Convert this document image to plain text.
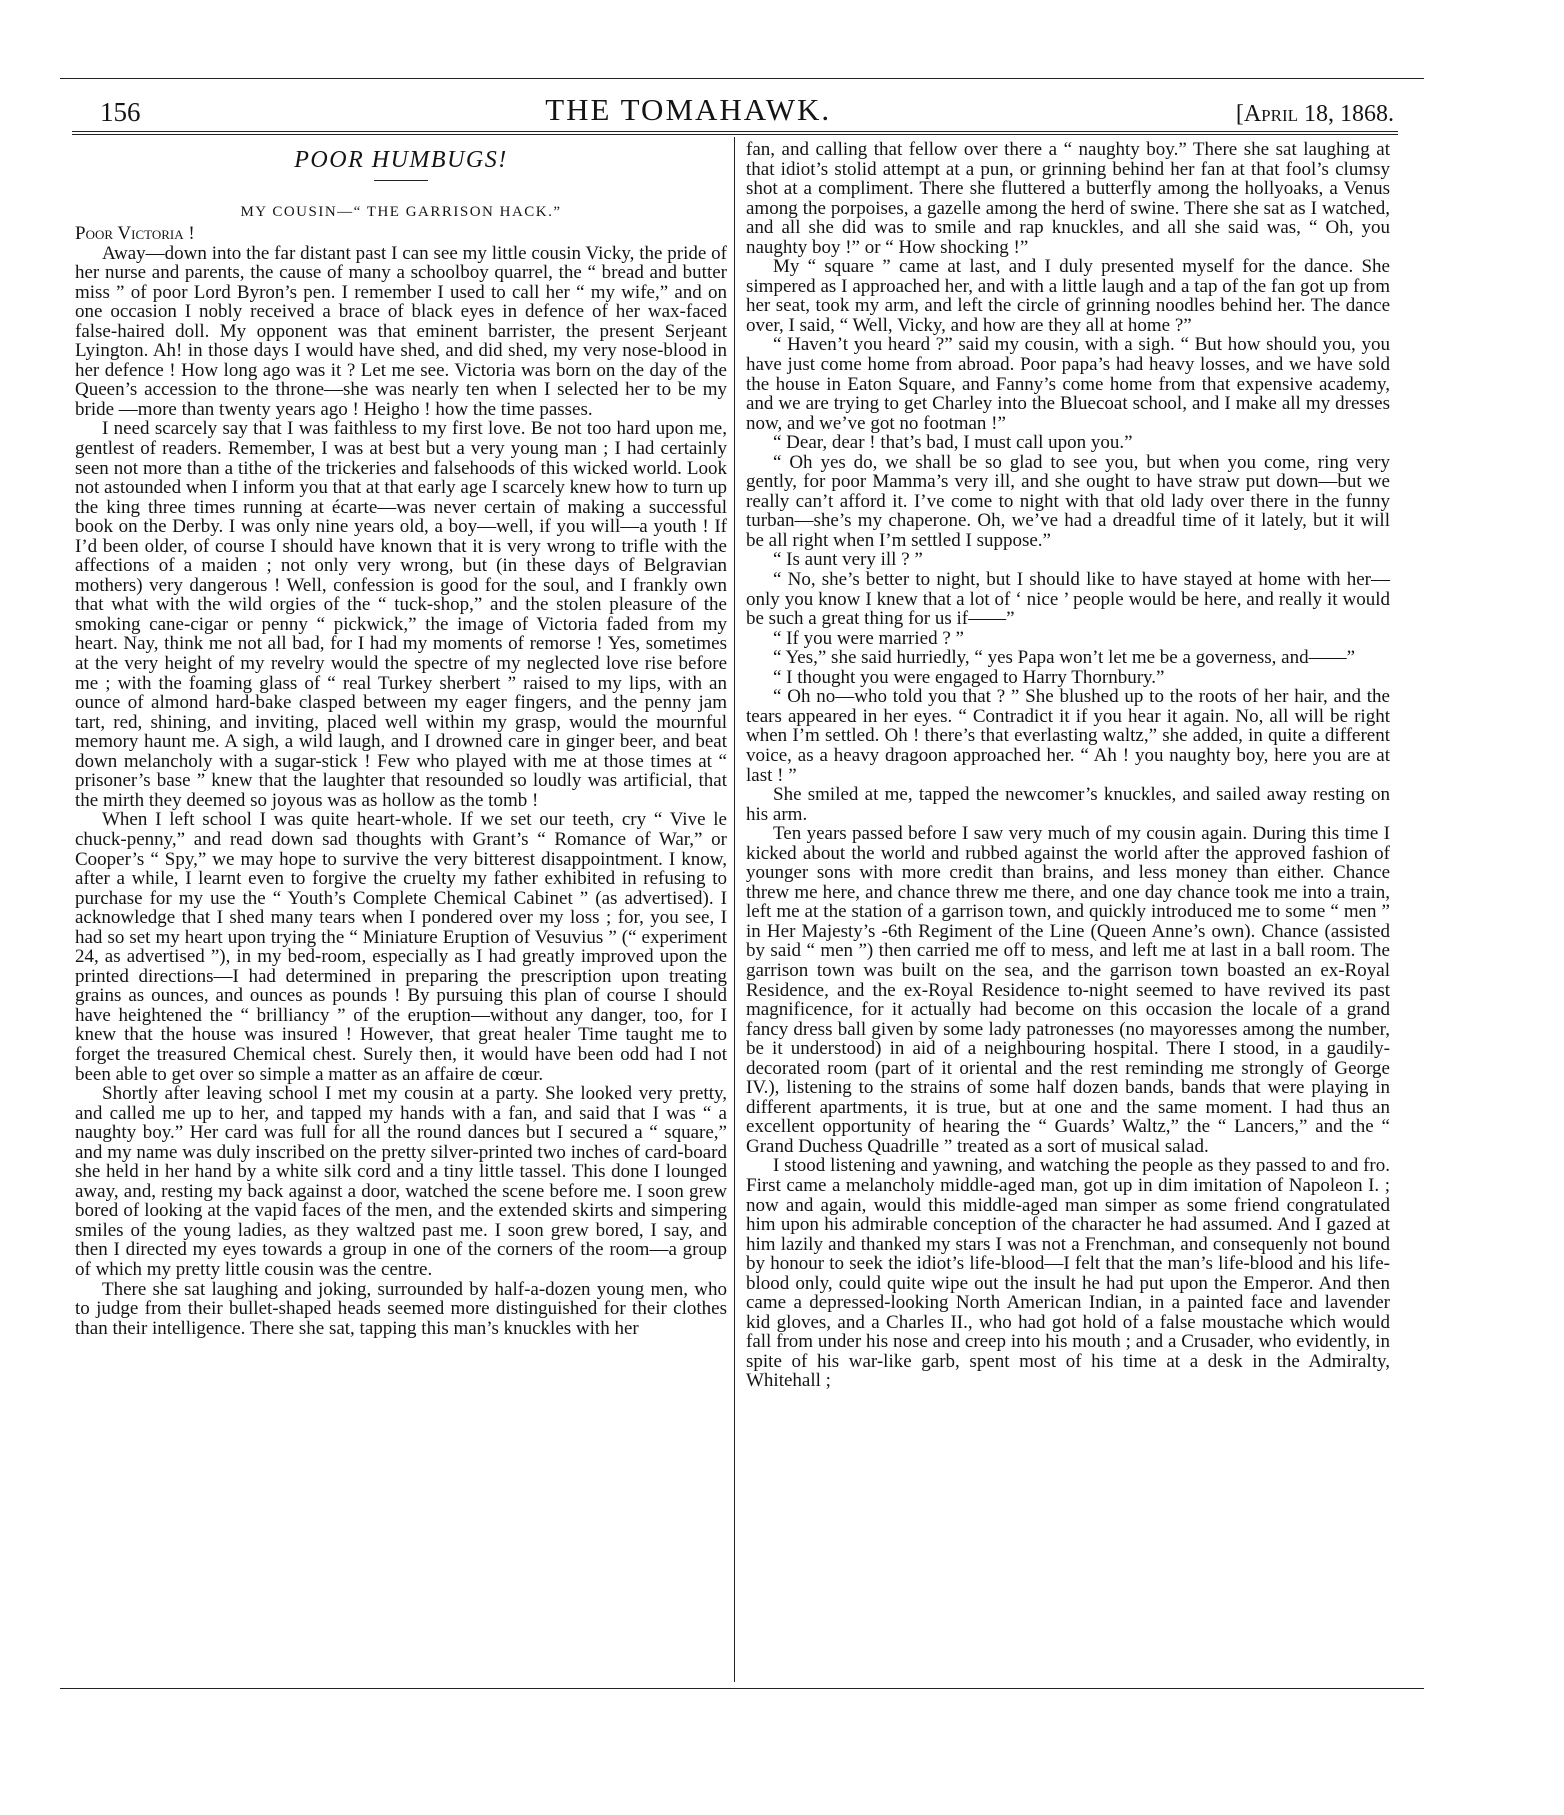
156	THE TOMAHAWK.	[April 18, 1868.
POOR HUMBUGS!
MY COUSIN—“ THE GARRISON HACK.”

Poor Victoria !

Away—down into the far distant past I can see my little cousin Vicky, the pride of her nurse and parents, the cause of many a schoolboy quarrel, the “ bread and butter miss ” of poor Lord Byron’s pen. I remember I used to call her “ my wife,” and on one occasion I nobly received a brace of black eyes in defence of her wax-faced false-haired doll. My opponent was that eminent barrister, the present Serjeant Lyington. Ah! in those days I would have shed, and did shed, my very nose-blood in her defence ! How long ago was it ? Let me see. Victoria was born on the day of the Queen’s accession to the throne—she was nearly ten when I selected her to be my bride —more than twenty years ago ! Heigho ! how the time passes.

I need scarcely say that I was faithless to my first love. Be not too hard upon me, gentlest of readers. Remember, I was at best but a very young man ; I had certainly seen not more than a tithe of the trickeries and falsehoods of this wicked world. Look not astounded when I inform you that at that early age I scarcely knew how to turn up the king three times running at écarte—was never certain of making a successful book on the Derby. I was only nine years old, a boy—well, if you will—a youth ! If I’d been older, of course I should have known that it is very wrong to trifle with the affections of a maiden ; not only very wrong, but (in these days of Belgravian mothers) very dangerous ! Well, confession is good for the soul, and I frankly own that what with the wild orgies of the “ tuck-shop,” and the stolen pleasure of the smoking cane-cigar or penny “ pickwick,” the image of Victoria faded from my heart. Nay, think me not all bad, for I had my moments of remorse ! Yes, sometimes at the very height of my revelry would the spectre of my neglected love rise before me ; with the foaming glass of “ real Turkey sherbert ” raised to my lips, with an ounce of almond hard-bake clasped between my eager fingers, and the penny jam tart, red, shining, and inviting, placed well within my grasp, would the mournful memory haunt me. A sigh, a wild laugh, and I drowned care in ginger beer, and beat down melancholy with a sugar-stick ! Few who played with me at those times at “ prisoner’s base ” knew that the laughter that resounded so loudly was artificial, that the mirth they deemed so joyous was as hollow as the tomb !

When I left school I was quite heart-whole. If we set our teeth, cry “ Vive le chuck-penny,” and read down sad thoughts with Grant’s “ Romance of War,” or Cooper’s “ Spy,” we may hope to survive the very bitterest disappointment. I know, after a while, I learnt even to forgive the cruelty my father exhibited in refusing to purchase for my use the “ Youth’s Complete Chemical Cabinet ” (as advertised). I acknowledge that I shed many tears when I pondered over my loss ; for, you see, I had so set my heart upon trying the “ Miniature Eruption of Vesuvius ” (“ experiment 24, as advertised ”), in my bed-room, especially as I had greatly improved upon the printed directions—I had determined in preparing the prescription upon treating grains as ounces, and ounces as pounds ! By pursuing this plan of course I should have heightened the “ brilliancy ” of the eruption—without any danger, too, for I knew that the house was insured ! However, that great healer Time taught me to forget the treasured Chemical chest. Surely then, it would have been odd had I not been able to get over so simple a matter as an affaire de cœur.

Shortly after leaving school I met my cousin at a party. She looked very pretty, and called me up to her, and tapped my hands with a fan, and said that I was “ a naughty boy.” Her card was full for all the round dances but I secured a “ square,” and my name was duly inscribed on the pretty silver-printed two inches of card-board she held in her hand by a white silk cord and a tiny little tassel. This done I lounged away, and, resting my back against a door, watched the scene before me. I soon grew bored of looking at the vapid faces of the men, and the extended skirts and simpering smiles of the young ladies, as they waltzed past me. I soon grew bored, I say, and then I directed my eyes towards a group in one of the corners of the room—a group of which my pretty little cousin was the centre.

There she sat laughing and joking, surrounded by half-a-dozen young men, who to judge from their bullet-shaped heads seemed more distinguished for their clothes than their intelligence. There she sat, tapping this man’s knuckles with her

fan, and calling that fellow over there a “ naughty boy.” There she sat laughing at that idiot’s stolid attempt at a pun, or grinning behind her fan at that fool’s clumsy shot at a compliment. There she fluttered a butterfly among the hollyoaks, a Venus among the porpoises, a gazelle among the herd of swine. There she sat as I watched, and all she did was to smile and rap knuckles, and all she said was, “ Oh, you naughty boy !” or “ How shocking !”

My “ square ” came at last, and I duly presented myself for the dance. She simpered as I approached her, and with a little laugh and a tap of the fan got up from her seat, took my arm, and left the circle of grinning noodles behind her. The dance over, I said, “ Well, Vicky, and how are they all at home ?”

“ Haven’t you heard ?” said my cousin, with a sigh. “ But how should you, you have just come home from abroad. Poor papa’s had heavy losses, and we have sold the house in Eaton Square, and Fanny’s come home from that expensive academy, and we are trying to get Charley into the Bluecoat school, and I make all my dresses now, and we’ve got no footman !”

“ Dear, dear ! that’s bad, I must call upon you.”

“ Oh yes do, we shall be so glad to see you, but when you come, ring very gently, for poor Mamma’s very ill, and she ought to have straw put down—but we really can’t afford it. I’ve come to night with that old lady over there in the funny turban—she’s my chaperone. Oh, we’ve had a dreadful time of it lately, but it will be all right when I’m settled I suppose.”

“ Is aunt very ill ? ”

“ No, she’s better to night, but I should like to have stayed at home with her—only you know I knew that a lot of ‘ nice ’ people would be here, and really it would be such a great thing for us if——”

“ If you were married ? ”

“ Yes,” she said hurriedly, “ yes Papa won’t let me be a governess, and——”

“ I thought you were engaged to Harry Thornbury.”

“ Oh no—who told you that ? ” She blushed up to the roots of her hair, and the tears appeared in her eyes. “ Contradict it if you hear it again. No, all will be right when I’m settled. Oh ! there’s that everlasting waltz,” she added, in quite a different voice, as a heavy dragoon approached her. “ Ah ! you naughty boy, here you are at last ! ”

She smiled at me, tapped the newcomer’s knuckles, and sailed away resting on his arm.

Ten years passed before I saw very much of my cousin again. During this time I kicked about the world and rubbed against the world after the approved fashion of younger sons with more credit than brains, and less money than either. Chance threw me here, and chance threw me there, and one day chance took me into a train, left me at the station of a garrison town, and quickly introduced me to some “ men ” in Her Majesty’s -6th Regiment of the Line (Queen Anne’s own). Chance (assisted by said “ men ”) then carried me off to mess, and left me at last in a ball room. The garrison town was built on the sea, and the garrison town boasted an ex-Royal Residence, and the ex-Royal Residence to-night seemed to have revived its past magnificence, for it actually had become on this occasion the locale of a grand fancy dress ball given by some lady patronesses (no mayoresses among the number, be it understood) in aid of a neighbouring hospital. There I stood, in a gaudily-decorated room (part of it oriental and the rest reminding me strongly of George IV.), listening to the strains of some half dozen bands, bands that were playing in different apartments, it is true, but at one and the same moment. I had thus an excellent opportunity of hearing the “ Guards’ Waltz,” the “ Lancers,” and the “ Grand Duchess Quadrille ” treated as a sort of musical salad.

I stood listening and yawning, and watching the people as they passed to and fro. First came a melancholy middle-aged man, got up in dim imitation of Napoleon I. ; now and again, would this middle-aged man simper as some friend congratulated him upon his admirable conception of the character he had assumed. And I gazed at him lazily and thanked my stars I was not a Frenchman, and consequenly not bound by honour to seek the idiot’s life-blood—I felt that the man’s life-blood and his life-blood only, could quite wipe out the insult he had put upon the Emperor. And then came a depressed-looking North American Indian, in a painted face and lavender kid gloves, and a Charles II., who had got hold of a false moustache which would fall from under his nose and creep into his mouth ; and a Crusader, who evidently, in spite of his war-like garb, spent most of his time at a desk in the Admiralty, Whitehall ;
